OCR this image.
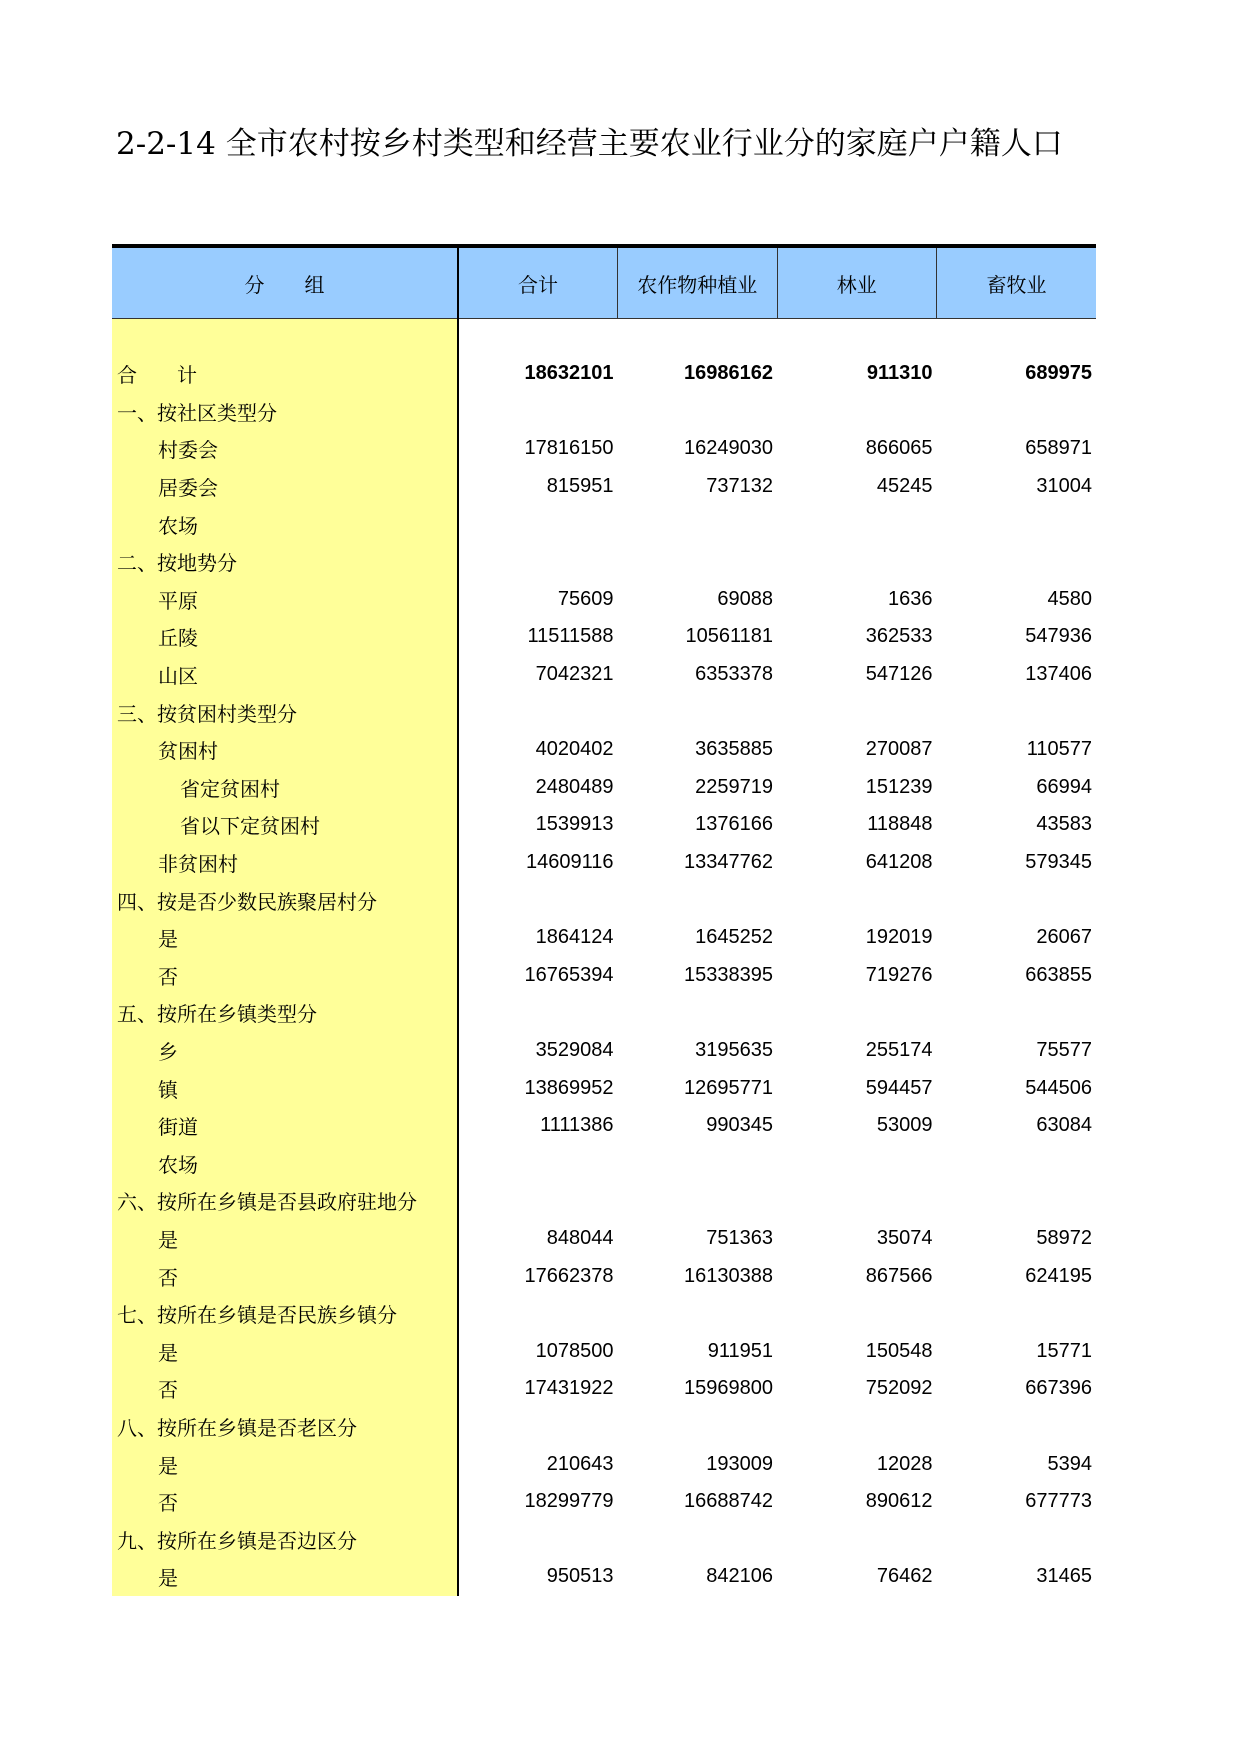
2-2-14 全市农村按乡村类型和经营主要农业行业分的家庭户户籍人口
分　　组	合计	农作物种植业	林业	畜牧业

合　　计	18632101	16986162	911310	689975
一、按社区类型分				
村委会	17816150	16249030	866065	658971
居委会	815951	737132	45245	31004
农场				
二、按地势分				
平原	75609	69088	1636	4580
丘陵	11511588	10561181	362533	547936
山区	7042321	6353378	547126	137406
三、按贫困村类型分				
贫困村	4020402	3635885	270087	110577
省定贫困村	2480489	2259719	151239	66994
省以下定贫困村	1539913	1376166	118848	43583
非贫困村	14609116	13347762	641208	579345
四、按是否少数民族聚居村分				
是	1864124	1645252	192019	26067
否	16765394	15338395	719276	663855
五、按所在乡镇类型分				
乡	3529084	3195635	255174	75577
镇	13869952	12695771	594457	544506
街道	1111386	990345	53009	63084
农场				
六、按所在乡镇是否县政府驻地分				
是	848044	751363	35074	58972
否	17662378	16130388	867566	624195
七、按所在乡镇是否民族乡镇分				
是	1078500	911951	150548	15771
否	17431922	15969800	752092	667396
八、按所在乡镇是否老区分				
是	210643	193009	12028	5394
否	18299779	16688742	890612	677773
九、按所在乡镇是否边区分				
是	950513	842106	76462	31465
